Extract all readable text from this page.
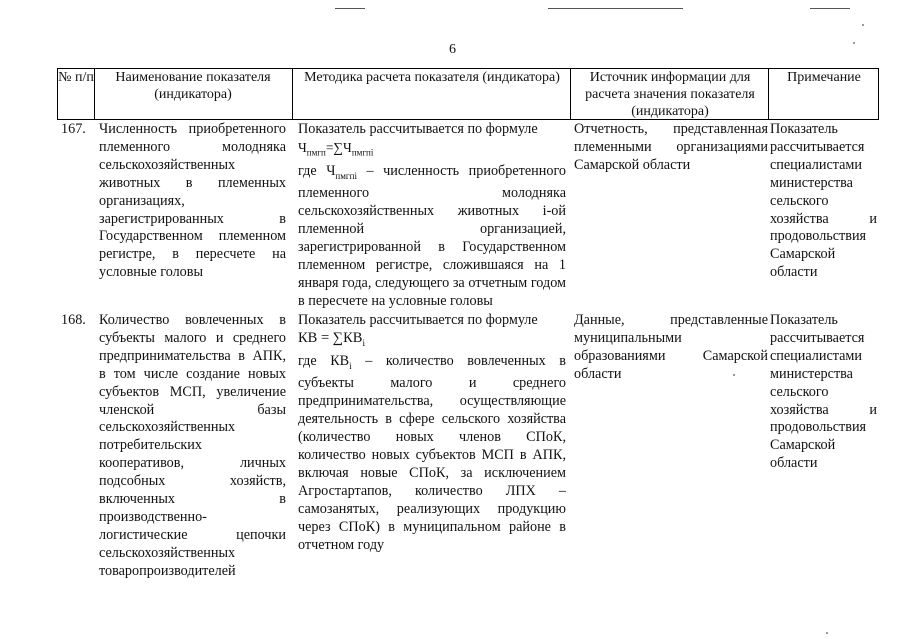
6
№ п/п	Наименование показателя (индикатора)
Методика расчета показателя (индикатора)	Источник информации для расчета значения показателя (индикатора)
Примечание
167. Численность приобретенного племенного молодняка сельскохозяйственных животных в племенных организациях, зарегистрированных в Государственном племенном регистре, в пересчете на условные головы
Показатель рассчитывается по формуле
$Ч_{пмгп}=\sum Ч_{пмгпi}$
где $Ч_{пмгпi}$ – численность приобретенного племенного молодняка сельскохозяйственных животных i-ой племенной организацией, зарегистрированной в Государственном племенном регистре, сложившаяся на 1 января года, следующего за отчетным годом в пересчете на условные головы
Отчетность, представленная племенными организациями Самарской области
Показатель рассчитывается специалистами министерства сельского хозяйства и продовольствия Самарской области
168. Количество вовлеченных в субъекты малого и среднего предпринимательства в АПК, в том числе создание новых субъектов МСП, увеличение членской базы сельскохозяйственных потребительских кооперативов, личных подсобных хозяйств, включенных в производственно-логистические цепочки сельскохозяйственных товаропроизводителей
Показатель рассчитывается по формуле
КВ = $\sum КВ_i$
где $КВ_i$ – количество вовлеченных в субъекты малого и среднего предпринимательства, осуществляющие деятельность в сфере сельского хозяйства (количество новых членов СПоК, количество новых субъектов МСП в АПК, включая новые СПоК, за исключением Агростартапов, количество ЛПХ – самозанятых, реализующих продукцию через СПоК) в муниципальном районе в отчетном году
Данные, представленные муниципальными образованиями Самарской области
Показатель рассчитывается специалистами министерства сельского хозяйства и продовольствия Самарской области
